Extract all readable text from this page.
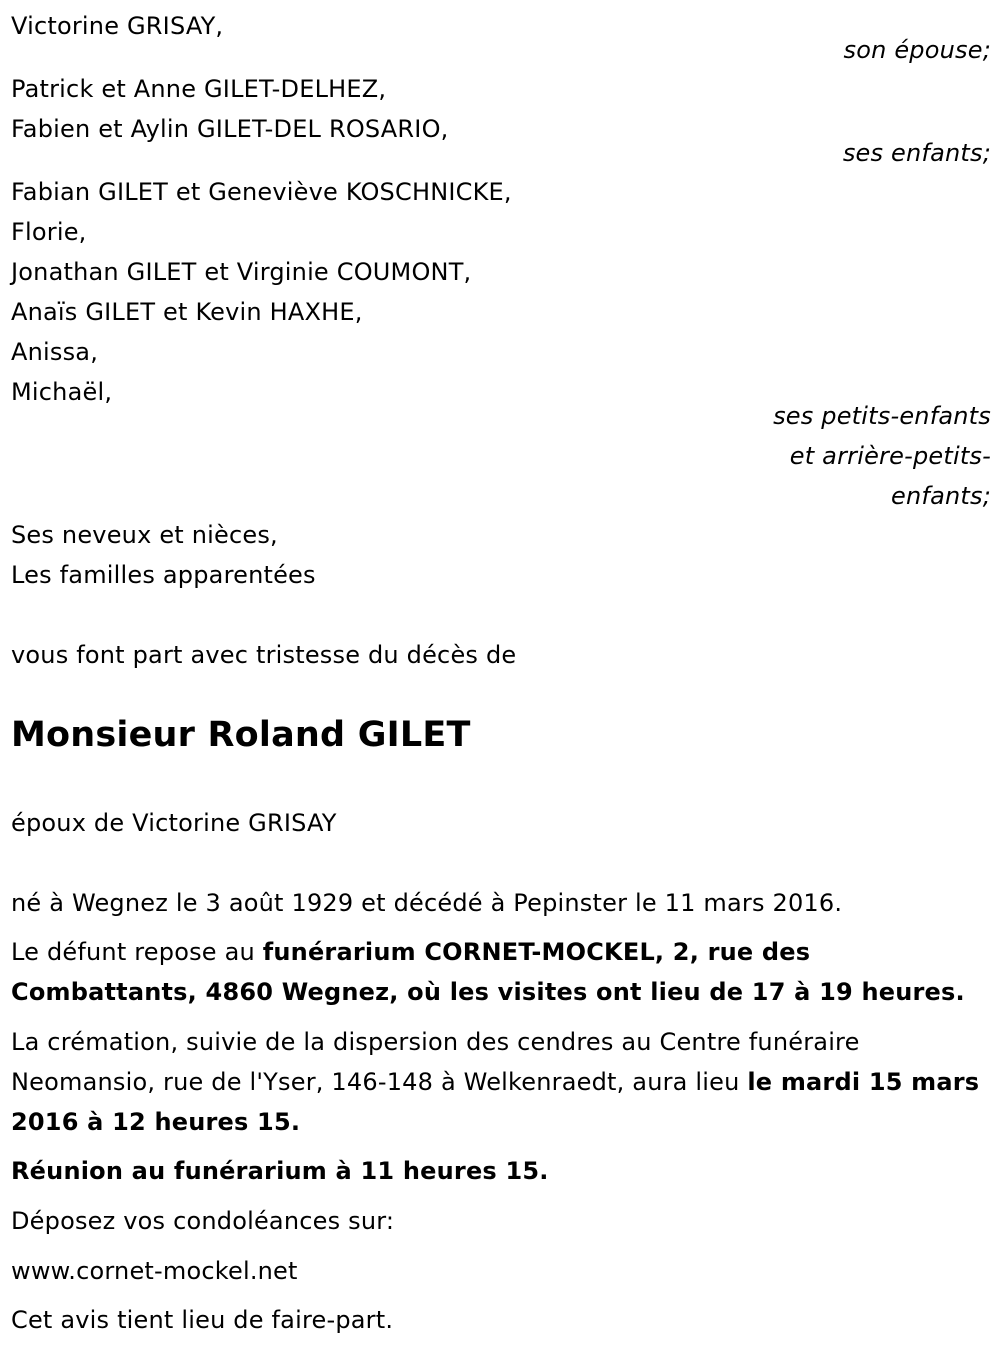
Victorine GRISAY,
son épouse;
Patrick et Anne GILET-DELHEZ,
Fabien et Aylin GILET-DEL ROSARIO,
ses enfants;
Fabian GILET et Geneviève KOSCHNICKE,
Florie,
Jonathan GILET et Virginie COUMONT,
Anaïs GILET et Kevin HAXHE,
Anissa,
Michaël,
ses petits-enfants
et arrière-petits-
enfants;
Ses neveux et nièces,
Les familles apparentées
vous font part avec tristesse du décès de
Monsieur Roland GILET
époux de Victorine GRISAY
né à Wegnez le 3 août 1929 et décédé à Pepinster le 11 mars 2016.
Le défunt repose au funérarium CORNET-MOCKEL, 2, rue des Combattants, 4860 Wegnez, où les visites ont lieu de 17 à 19 heures.
La crémation, suivie de la dispersion des cendres au Centre funéraire Neomansio, rue de l'Yser, 146-148 à Welkenraedt, aura lieu le mardi 15 mars 2016 à 12 heures 15.
Réunion au funérarium à 11 heures 15.
Déposez vos condoléances sur:
www.cornet-mockel.net
Cet avis tient lieu de faire-part.
